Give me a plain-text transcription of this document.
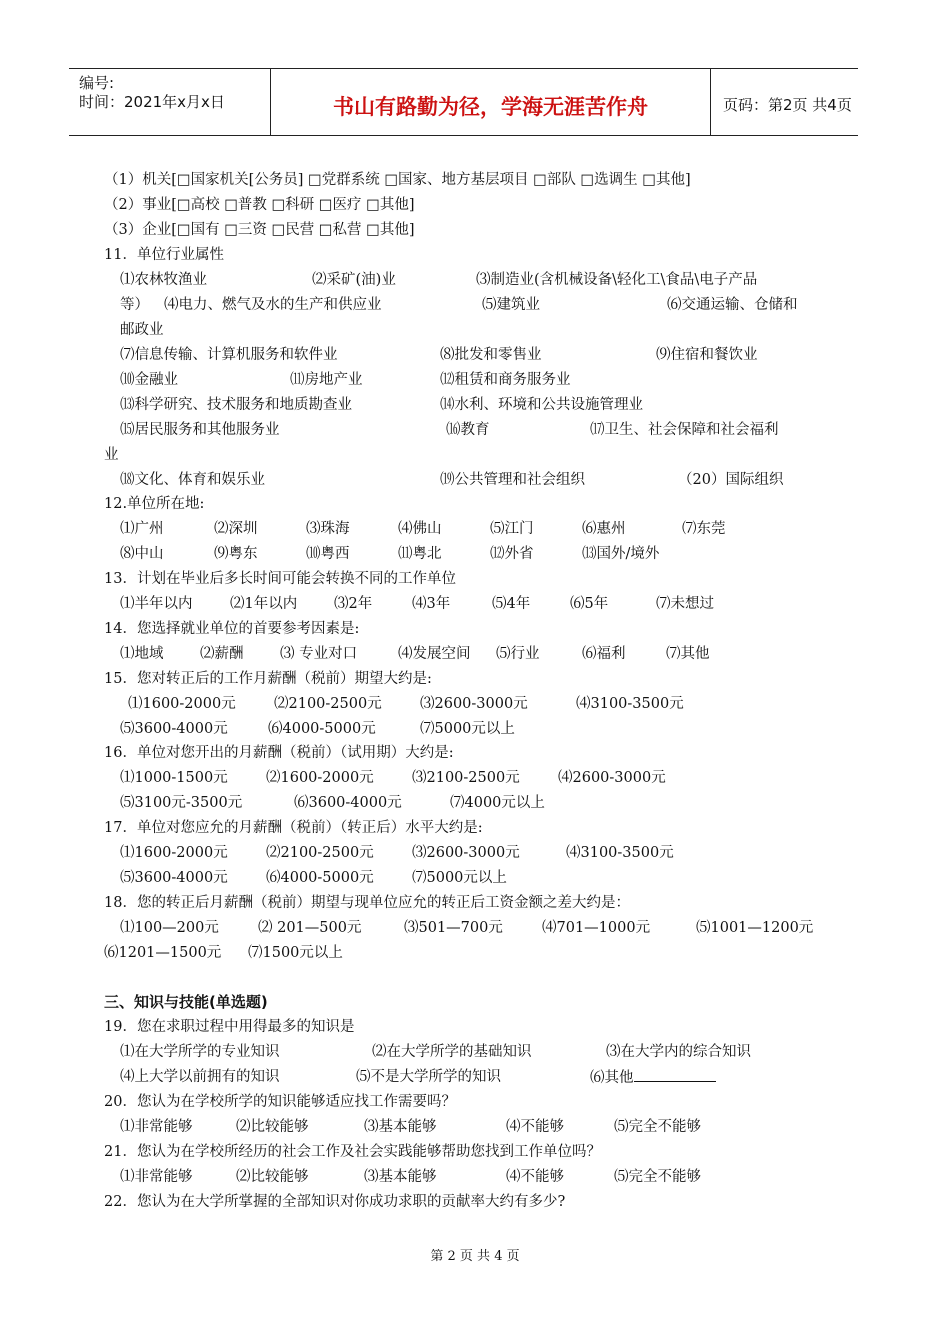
编号:
时间：2021年x月x日	书山有路勤为径，学海无涯苦作舟	页码：第2页 共4页
（1）机关[□国家机关[公务员] □党群系统 □国家、地方基层项目 □部队 □选调生 □其他]
（2）事业[□高校 □普教 □科研 □医疗 □其他]
（3）企业[□国有 □三资 □民营 □私营 □其他]
11．单位行业属性
⑴农林牧渔业	⑵采矿(油)业	⑶制造业(含机械设备\轻化工\食品\电子产品
等） ⑷电力、燃气及水的生产和供应业	⑸建筑业	⑹交通运输、仓储和
邮政业
⑺信息传输、计算机服务和软件业	⑻批发和零售业	⑼住宿和餐饮业
⑽金融业	⑾房地产业	⑿租赁和商务服务业
⒀科学研究、技术服务和地质勘查业	⒁水利、环境和公共设施管理业
⒂居民服务和其他服务业	⒃教育	⒄卫生、社会保障和社会福利
业
⒅文化、体育和娱乐业	⒆公共管理和社会组织	（20）国际组织
12.单位所在地:
⑴广州	⑵深圳	⑶珠海	⑷佛山	⑸江门	⑹惠州	⑺东莞
⑻中山	⑼粤东	⑽粤西	⑾粤北	⑿外省	⒀国外/境外
13．计划在毕业后多长时间可能会转换不同的工作单位
⑴半年以内	⑵1年以内	⑶2年	⑷3年	⑸4年	⑹5年	⑺未想过
14．您选择就业单位的首要参考因素是:
⑴地域	⑵薪酬	⑶ 专业对口	⑷发展空间 ⑸行业	⑹福利	⑺其他
15．您对转正后的工作月薪酬（税前）期望大约是:
⑴1600-2000元	⑵2100-2500元	⑶2600-3000元	⑷3100-3500元
⑸3600-4000元	⑹4000-5000元	⑺5000元以上
16．单位对您开出的月薪酬（税前）（试用期）大约是:
⑴1000-1500元	⑵1600-2000元	⑶2100-2500元	⑷2600-3000元
⑸3100元-3500元	⑹3600-4000元	⑺4000元以上
17．单位对您应允的月薪酬（税前）（转正后）水平大约是:
⑴1600-2000元	⑵2100-2500元	⑶2600-3000元	⑷3100-3500元
⑸3600-4000元	⑹4000-5000元	⑺5000元以上
18．您的转正后月薪酬（税前）期望与现单位应允的转正后工资金额之差大约是：
⑴100—200元	⑵ 201—500元	⑶501—700元	⑷701—1000元	⑸1001—1200元
⑹1201—1500元 ⑺1500元以上
三、知识与技能(单选题)
19．您在求职过程中用得最多的知识是
⑴在大学所学的专业知识	⑵在大学所学的基础知识	⑶在大学内的综合知识
⑷上大学以前拥有的知识	⑸不是大学所学的知识	⑹其他
20．您认为在学校所学的知识能够适应找工作需要吗？
⑴非常能够	⑵比较能够	⑶基本能够	⑷不能够	⑸完全不能够
21．您认为在学校所经历的社会工作及社会实践能够帮助您找到工作单位吗？
⑴非常能够	⑵比较能够	⑶基本能够	⑷不能够	⑸完全不能够
22．您认为在大学所掌握的全部知识对你成功求职的贡献率大约有多少?
第 2 页 共 4 页
